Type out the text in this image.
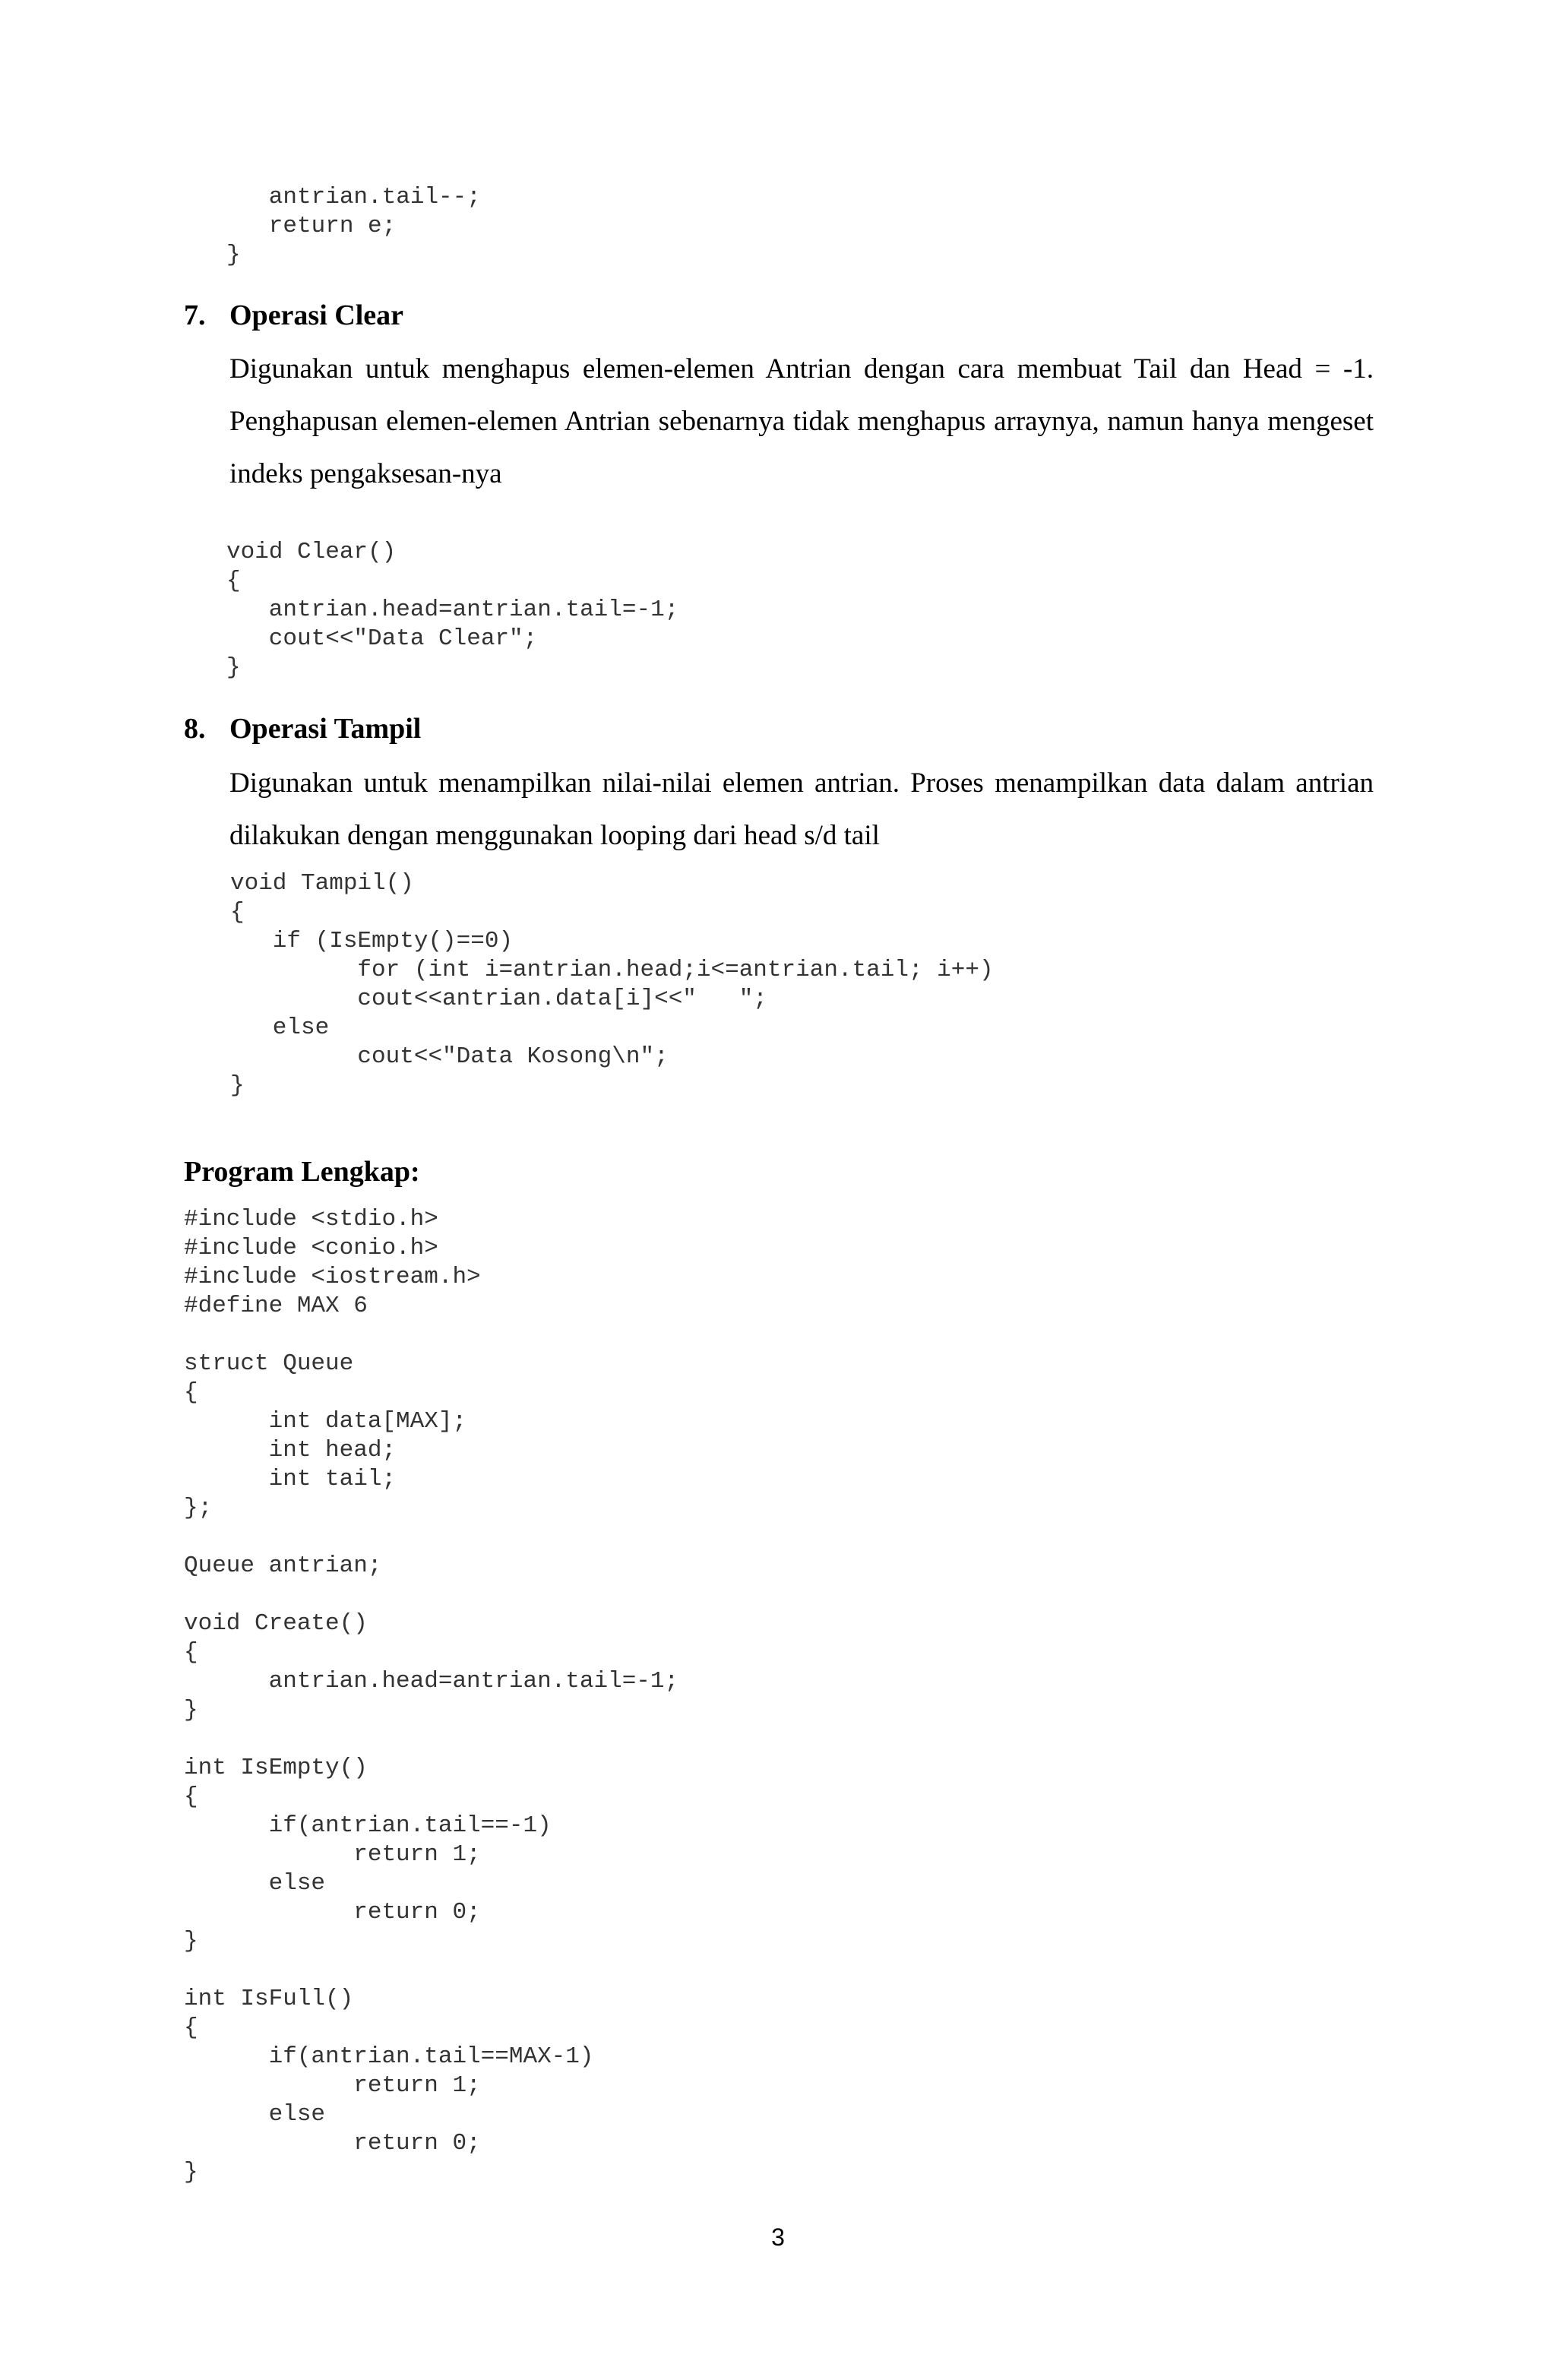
antrian.tail--;
return e;
}
7. Operasi Clear

Digunakan untuk menghapus elemen-elemen Antrian dengan cara membuat Tail dan Head = -1. Penghapusan elemen-elemen Antrian sebenarnya tidak menghapus arraynya, namun hanya mengeset indeks pengaksesan-nya

void Clear()
{
antrian.head=antrian.tail=-1;
cout<<"Data Clear";
}
8. Operasi Tampil

Digunakan untuk menampilkan nilai-nilai elemen antrian. Proses menampilkan data dalam antrian dilakukan dengan menggunakan looping dari head s/d tail

void Tampil()
{
if (IsEmpty()==0)
for (int i=antrian.head;i<=antrian.tail; i++)
cout<<antrian.data[i]<<"   ";
else
cout<<"Data Kosong\n";
}
Program Lengkap:
#include <stdio.h>
#include <conio.h>
#include <iostream.h>
#define MAX 6

struct Queue
{
int data[MAX];
int head;
int tail;
};

Queue antrian;

void Create()
{
antrian.head=antrian.tail=-1;
}

int IsEmpty()
{
if(antrian.tail==-1)
return 1;
else
return 0;
}

int IsFull()
{
if(antrian.tail==MAX-1)
return 1;
else
return 0;
}
3
